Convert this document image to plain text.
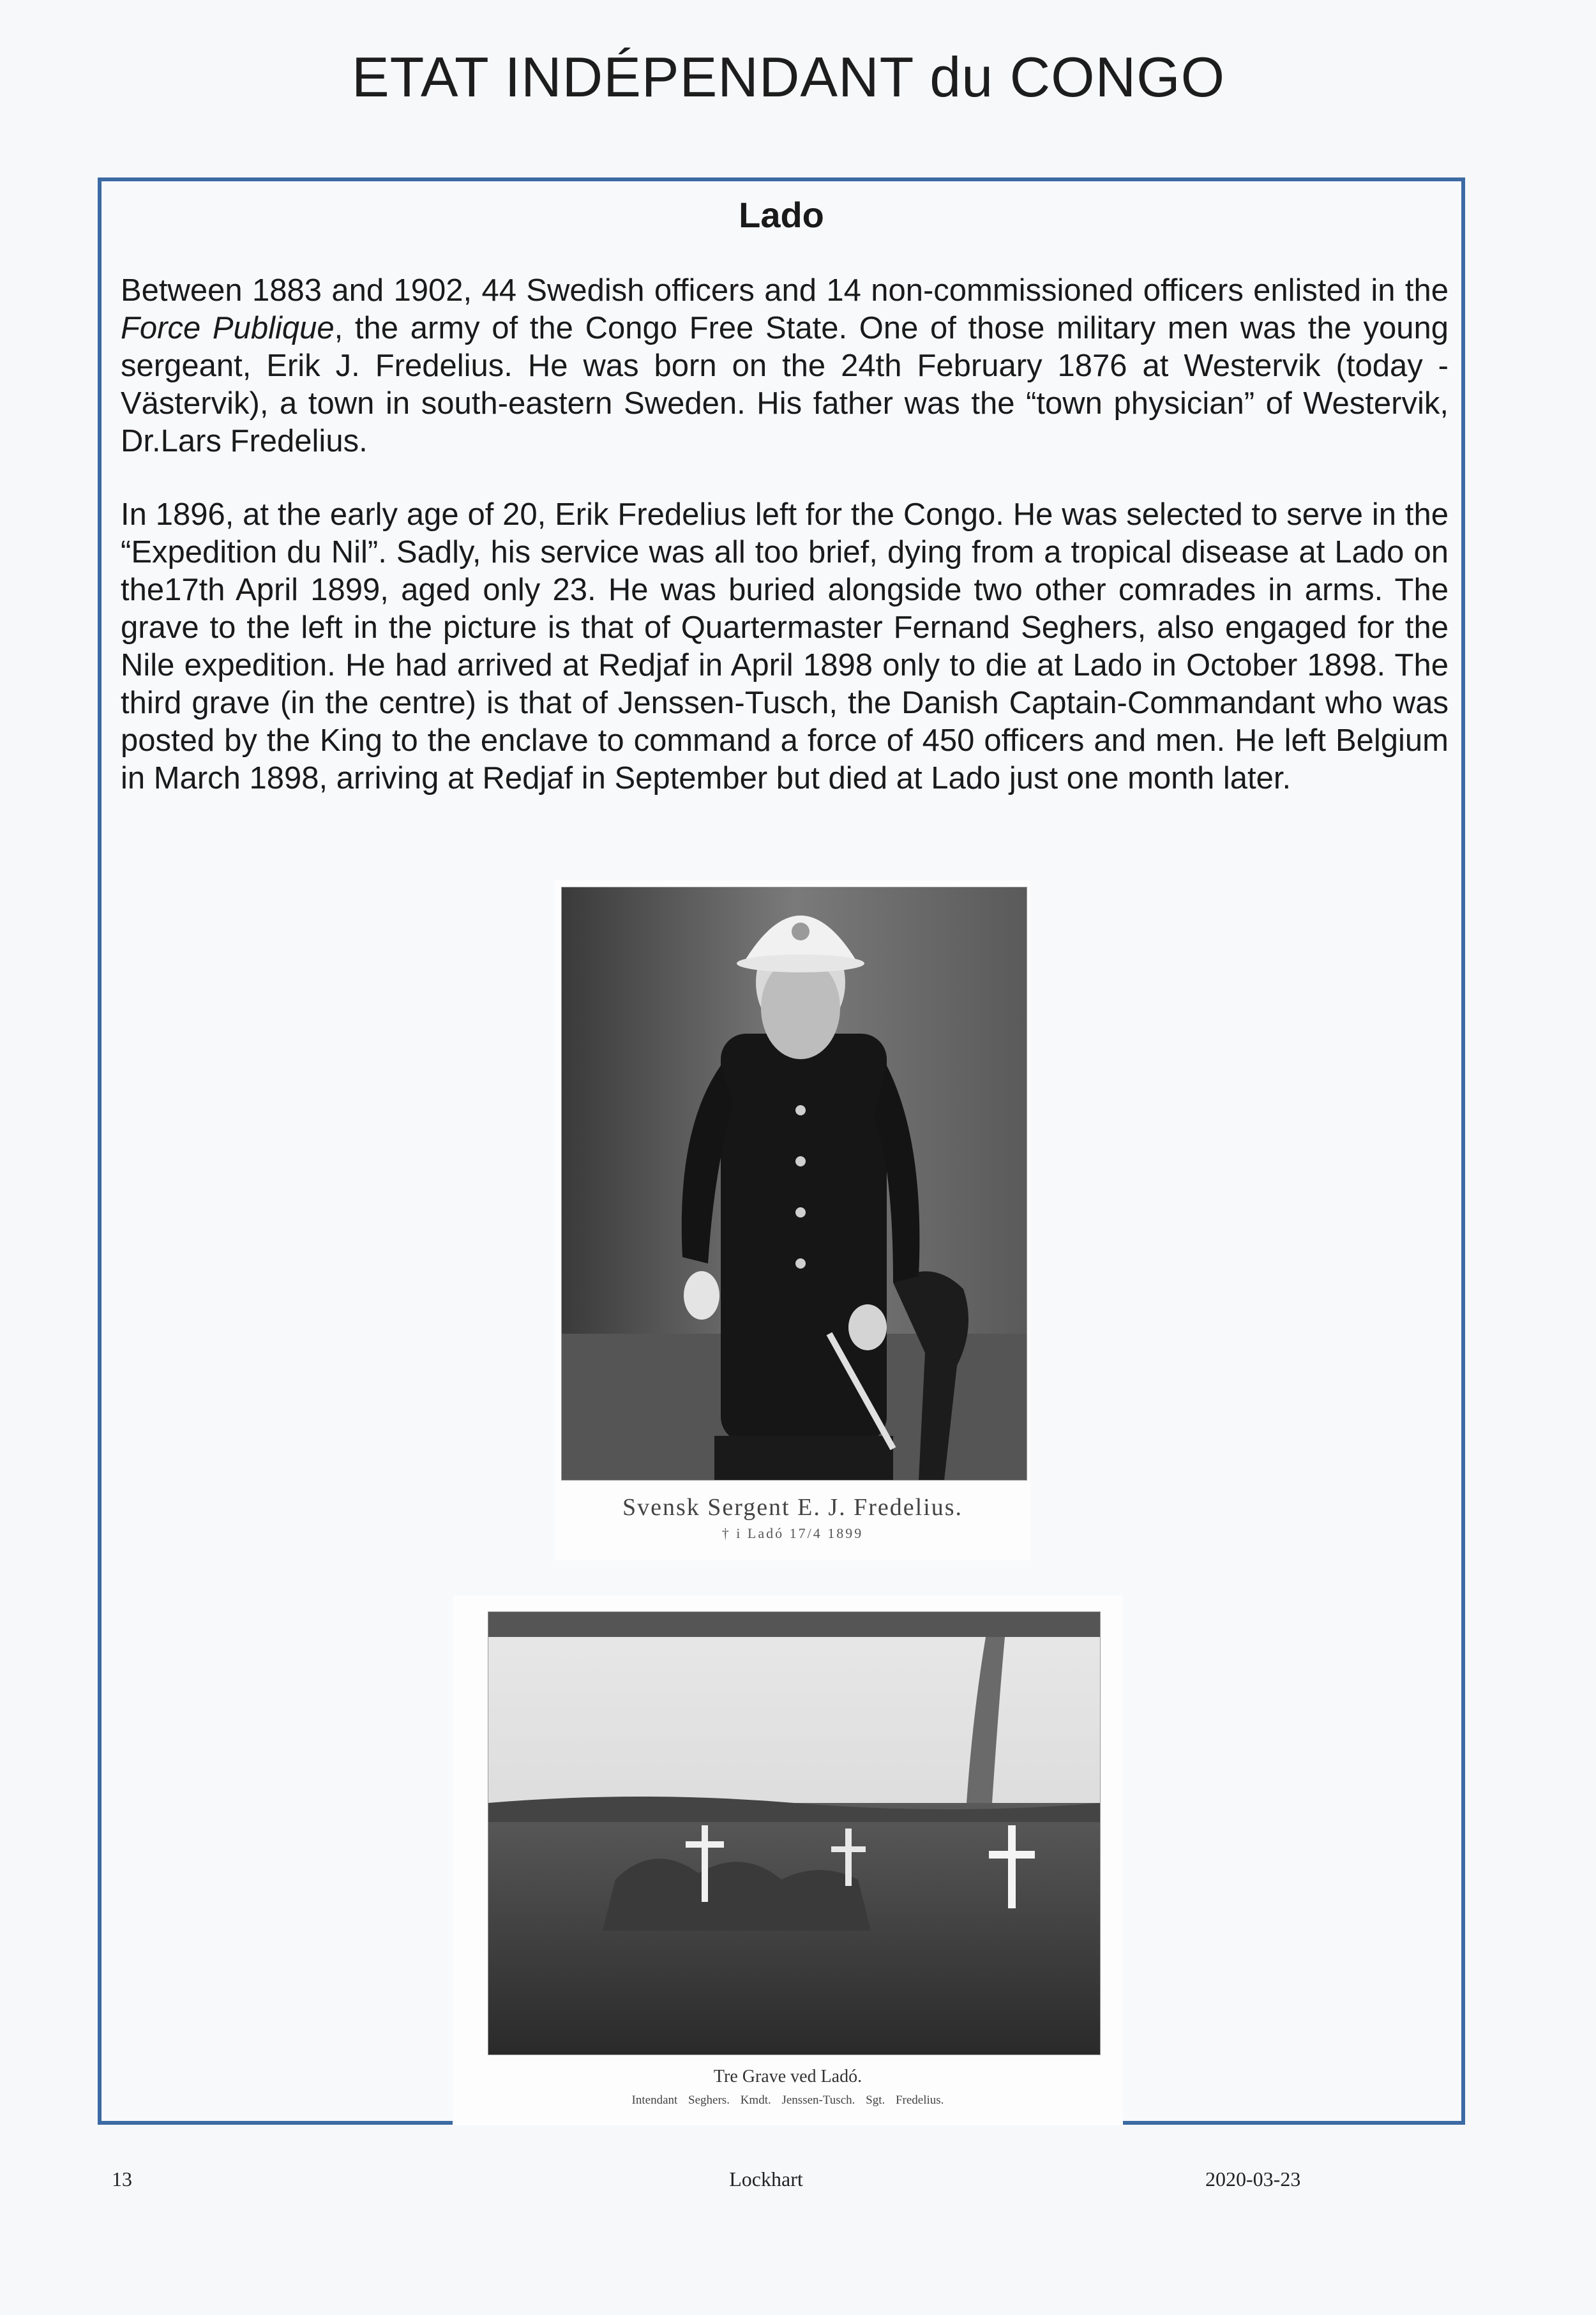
ETAT INDÉPENDANT du CONGO
Lado

Between 1883 and 1902, 44 Swedish officers and 14 non-commissioned officers enlisted in the Force Publique, the army of the Congo Free State. One of those military men was the young sergeant, Erik J. Fredelius. He was born on the 24th February 1876 at Westervik (today -Västervik), a town in south-eastern Sweden. His father was the “town physician” of Westervik, Dr.Lars Fredelius.

In 1896, at the early age of 20, Erik Fredelius left for the Congo. He was selected to serve in the “Expedition du Nil”. Sadly, his service was all too brief, dying from a tropical disease at Lado on the17th April 1899, aged only 23. He was buried alongside two other comrades in arms. The grave to the left in the picture is that of Quartermaster Fernand Seghers, also engaged for the Nile expedition. He had arrived at Redjaf in April 1898 only to die at Lado in October 1898. The third grave (in the centre) is that of Jenssen-Tusch, the Danish Captain-Commandant who was posted by the King to the enclave to command a force of 450 officers and men. He left Belgium in March 1898, arriving at Redjaf in September but died at Lado just one month later.

Svensk Sergent E. J. Fredelius.
† i Ladó 17/4 1899
Tre Grave ved Ladó.
Intendant Seghers. Kmdt. Jenssen-Tusch. Sgt. Fredelius.
13	Lockhart	2020-03-23
